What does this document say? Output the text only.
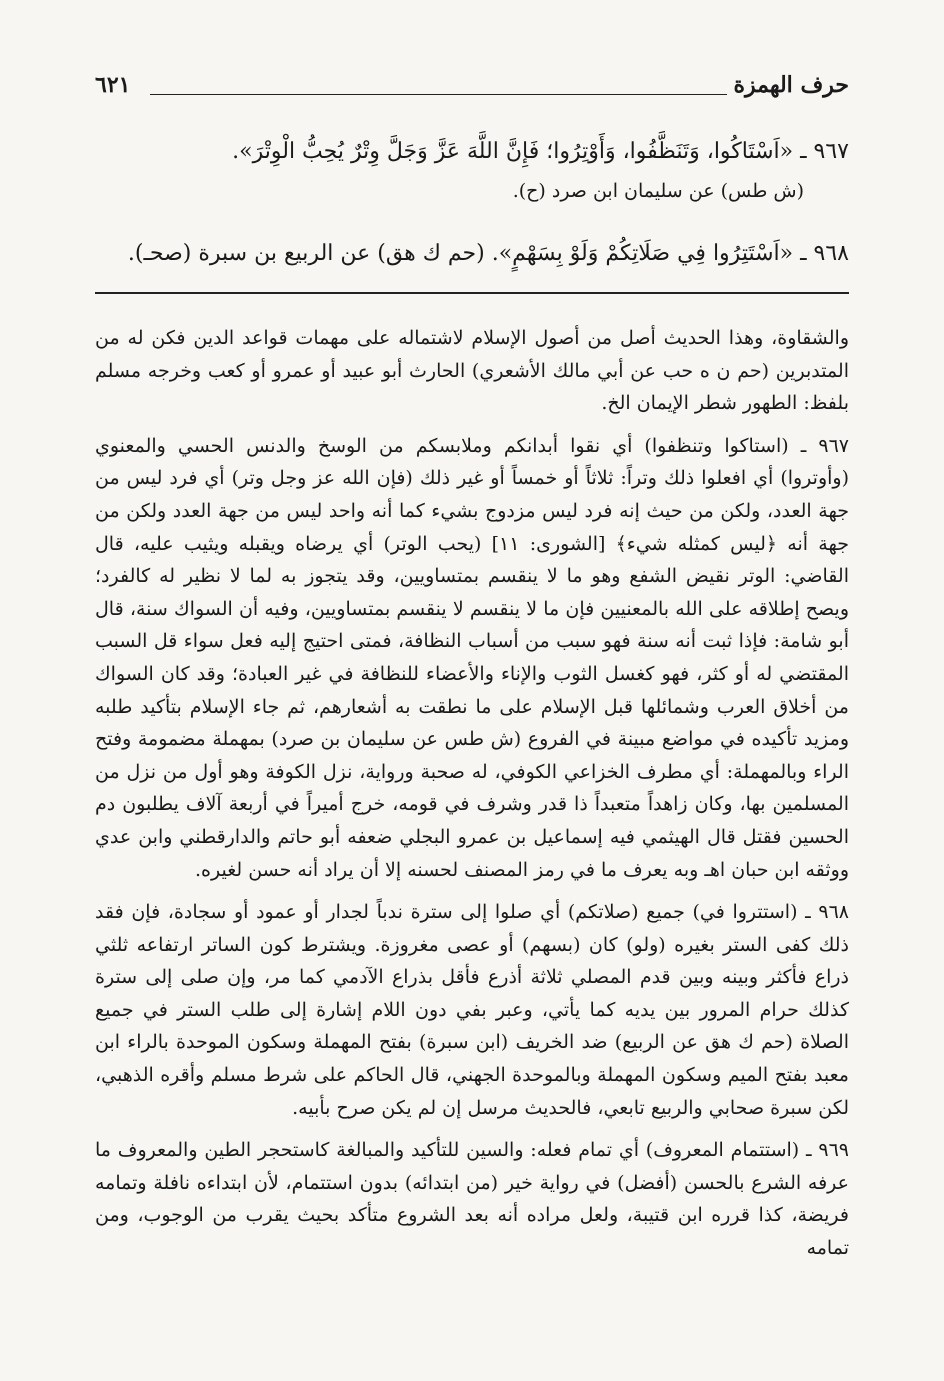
حرف الهمزة
٦٢١
٩٦٧ ـ «اَسْتَاكُوا، وَتَنَظَّفُوا، وَأَوْتِرُوا؛ فَإِنَّ اللَّهَ عَزَّ وَجَلَّ وِتْرٌ يُحِبُّ الْوِتْرَ».
(ش طس) عن سليمان ابن صرد (ح).
٩٦٨ ـ «اَسْتَتِرُوا فِي صَلَاتِكُمْ وَلَوْ بِسَهْمٍ». (حم ك هق) عن الربيع بن سبرة (صحـ).

والشقاوة، وهذا الحديث أصل من أصول الإسلام لاشتماله على مهمات قواعد الدين فكن له من المتدبرين (حم ن ه حب عن أبي مالك الأشعري) الحارث أبو عبيد أو عمرو أو كعب وخرجه مسلم بلفظ: الطهور شطر الإيمان الخ.

٩٦٧ ـ (استاكوا وتنظفوا) أي نقوا أبدانكم وملابسكم من الوسخ والدنس الحسي والمعنوي (وأوتروا) أي افعلوا ذلك وتراً: ثلاثاً أو خمساً أو غير ذلك (فإن الله عز وجل وتر) أي فرد ليس من جهة العدد، ولكن من حيث إنه فرد ليس مزدوج بشيء كما أنه واحد ليس من جهة العدد ولكن من جهة أنه ﴿ليس كمثله شيء﴾ [الشورى: ١١] (يحب الوتر) أي يرضاه ويقبله ويثيب عليه، قال القاضي: الوتر نقيض الشفع وهو ما لا ينقسم بمتساويين، وقد يتجوز به لما لا نظير له كالفرد؛ ويصح إطلاقه على الله بالمعنيين فإن ما لا ينقسم لا ينقسم بمتساويين، وفيه أن السواك سنة، قال أبو شامة: فإذا ثبت أنه سنة فهو سبب من أسباب النظافة، فمتى احتيج إليه فعل سواء قل السبب المقتضي له أو كثر، فهو كغسل الثوب والإناء والأعضاء للنظافة في غير العبادة؛ وقد كان السواك من أخلاق العرب وشمائلها قبل الإسلام على ما نطقت به أشعارهم، ثم جاء الإسلام بتأكيد طلبه ومزيد تأكيده في مواضع مبينة في الفروع (ش طس عن سليمان بن صرد) بمهملة مضمومة وفتح الراء وبالمهملة: أي مطرف الخزاعي الكوفي، له صحبة ورواية، نزل الكوفة وهو أول من نزل من المسلمين بها، وكان زاهداً متعبداً ذا قدر وشرف في قومه، خرج أميراً في أربعة آلاف يطلبون دم الحسين فقتل قال الهيثمي فيه إسماعيل بن عمرو البجلي ضعفه أبو حاتم والدارقطني وابن عدي ووثقه ابن حبان اهـ وبه يعرف ما في رمز المصنف لحسنه إلا أن يراد أنه حسن لغيره.

٩٦٨ ـ (استتروا في) جميع (صلاتكم) أي صلوا إلى سترة ندباً لجدار أو عمود أو سجادة، فإن فقد ذلك كفى الستر بغيره (ولو) كان (بسهم) أو عصى مغروزة. ويشترط كون الساتر ارتفاعه ثلثي ذراع فأكثر وبينه وبين قدم المصلي ثلاثة أذرع فأقل بذراع الآدمي كما مر، وإن صلى إلى سترة كذلك حرام المرور بين يديه كما يأتي، وعبر بفي دون اللام إشارة إلى طلب الستر في جميع الصلاة (حم ك هق عن الربيع) ضد الخريف (ابن سبرة) بفتح المهملة وسكون الموحدة بالراء ابن معبد بفتح الميم وسكون المهملة وبالموحدة الجهني، قال الحاكم على شرط مسلم وأقره الذهبي، لكن سبرة صحابي والربيع تابعي، فالحديث مرسل إن لم يكن صرح بأبيه.

٩٦٩ ـ (استتمام المعروف) أي تمام فعله: والسين للتأكيد والمبالغة كاستحجر الطين والمعروف ما عرفه الشرع بالحسن (أفضل) في رواية خير (من ابتدائه) بدون استتمام، لأن ابتداءه نافلة وتمامه فريضة، كذا قرره ابن قتيبة، ولعل مراده أنه بعد الشروع متأكد بحيث يقرب من الوجوب، ومن تمامه
